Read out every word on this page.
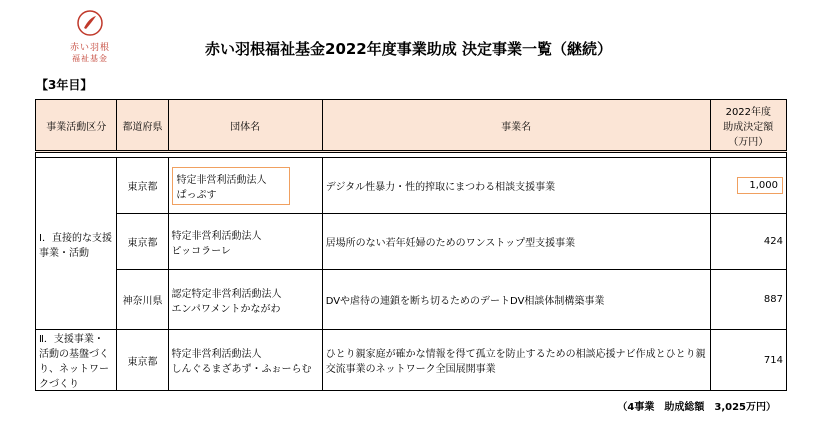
赤い羽根
福祉基金
赤い羽根福祉基金2022年度事業助成 決定事業一覧（継続）
【3年目】
事業活動区分	都道府県	団体名	事業名	2022年度
助成決定額
（万円）

Ⅰ．直接的な支援事業・活動	東京都	特定非営利活動法人
ぱっぷす	デジタル性暴力・性的搾取にまつわる相談支援事業	1,000
	東京都	特定非営利活動法人
ピッコラーレ	居場所のない若年妊婦のためのワンストップ型支援事業	424
	神奈川県	認定特定非営利活動法人
エンパワメントかながわ	DVや虐待の連鎖を断ち切るためのデートDV相談体制構築事業	887
Ⅱ．支援事業・活動の基盤づくり、ネットワークづくり	東京都	特定非営利活動法人
しんぐるまざあず・ふぉーらむ	ひとり親家庭が確かな情報を得て孤立を防止するための相談応援ナビ作成とひとり親交流事業のネットワーク全国展開事業	714
（4事業　助成総額　3,025万円）
